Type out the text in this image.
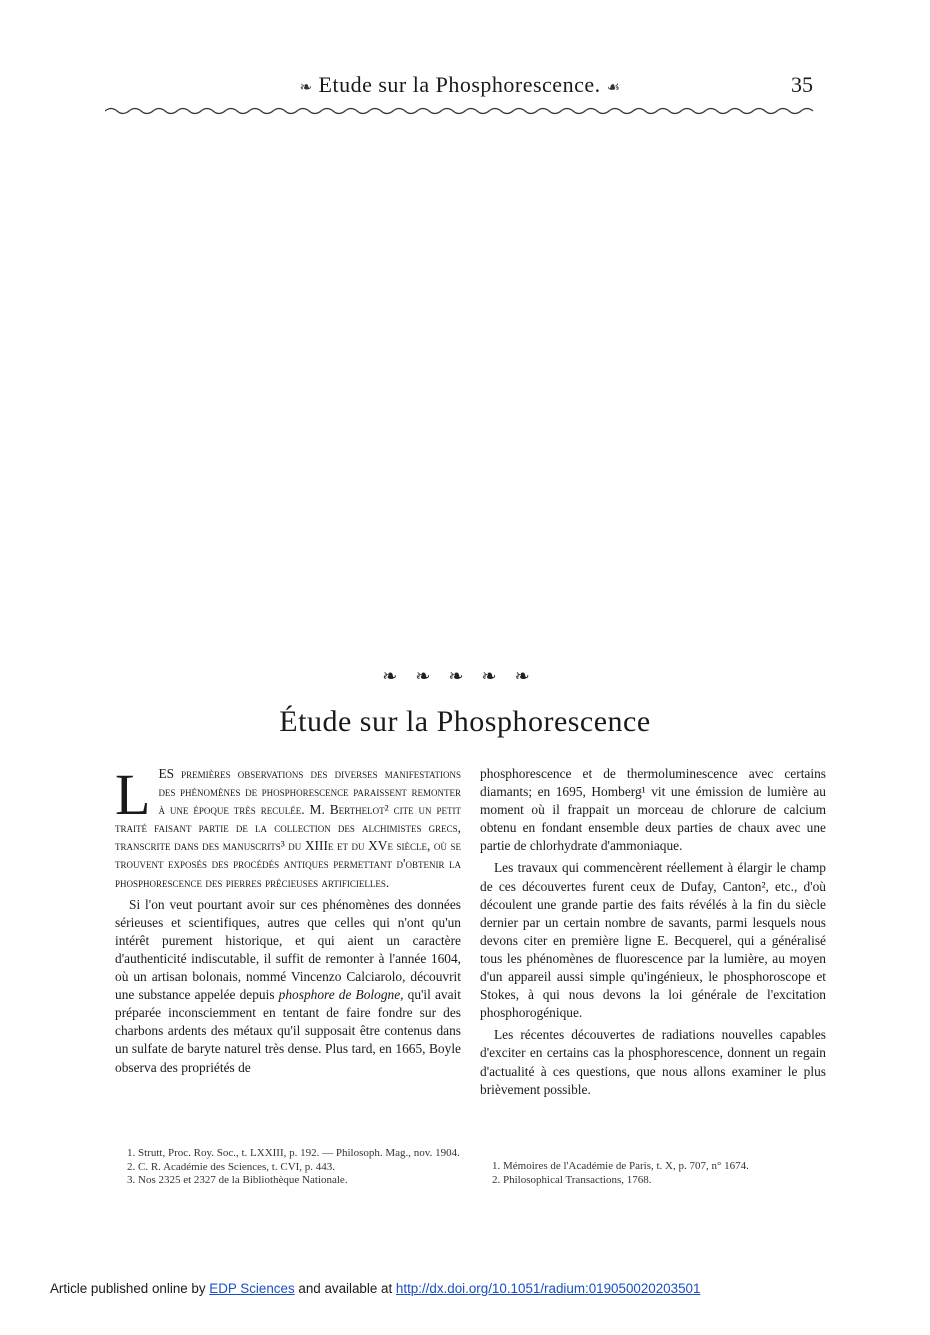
❧ Etude sur la Phosphorescence. ☙	35
❧❧❧❧❧
Étude sur la Phosphorescence

LES premières observations des diverses manifestations des phénomènes de phosphorescence paraissent remonter à une époque très reculée. M. Berthelot² cite un petit traité faisant partie de la collection des alchimistes grecs, transcrite dans des manuscrits³ du XIIIe et du XVe siècle, où se trouvent exposés des procédés antiques permettant d'obtenir la phosphorescence des pierres précieuses artificielles.

Si l'on veut pourtant avoir sur ces phénomènes des données sérieuses et scientifiques, autres que celles qui n'ont qu'un intérêt purement historique, et qui aient un caractère d'authenticité indiscutable, il suffit de remonter à l'année 1604, où un artisan bolonais, nommé Vincenzo Calciarolo, découvrit une substance appelée depuis phosphore de Bologne, qu'il avait préparée inconsciemment en tentant de faire fondre sur des charbons ardents des métaux qu'il supposait être contenus dans un sulfate de baryte naturel très dense. Plus tard, en 1665, Boyle observa des propriétés de

phosphorescence et de thermoluminescence avec certains diamants; en 1695, Homberg¹ vit une émission de lumière au moment où il frappait un morceau de chlorure de calcium obtenu en fondant ensemble deux parties de chaux avec une partie de chlorhydrate d'ammoniaque.

Les travaux qui commencèrent réellement à élargir le champ de ces découvertes furent ceux de Dufay, Canton², etc., d'où découlent une grande partie des faits révélés à la fin du siècle dernier par un certain nombre de savants, parmi lesquels nous devons citer en première ligne E. Becquerel, qui a généralisé tous les phénomènes de fluorescence par la lumière, au moyen d'un appareil aussi simple qu'ingénieux, le phosphoroscope et Stokes, à qui nous devons la loi générale de l'excitation phosphorogénique.

Les récentes découvertes de radiations nouvelles capables d'exciter en certains cas la phosphorescence, donnent un regain d'actualité à ces questions, que nous allons examiner le plus brièvement possible.

1. Strutt, Proc. Roy. Soc., t. LXXIII, p. 192. — Philosoph. Mag., nov. 1904.

2. C. R. Académie des Sciences, t. CVI, p. 443.

3. Nos 2325 et 2327 de la Bibliothèque Nationale.

1. Mémoires de l'Académie de Paris, t. X, p. 707, n° 1674.

2. Philosophical Transactions, 1768.

Article published online by EDP Sciences and available at http://dx.doi.org/10.1051/radium:019050020203501
